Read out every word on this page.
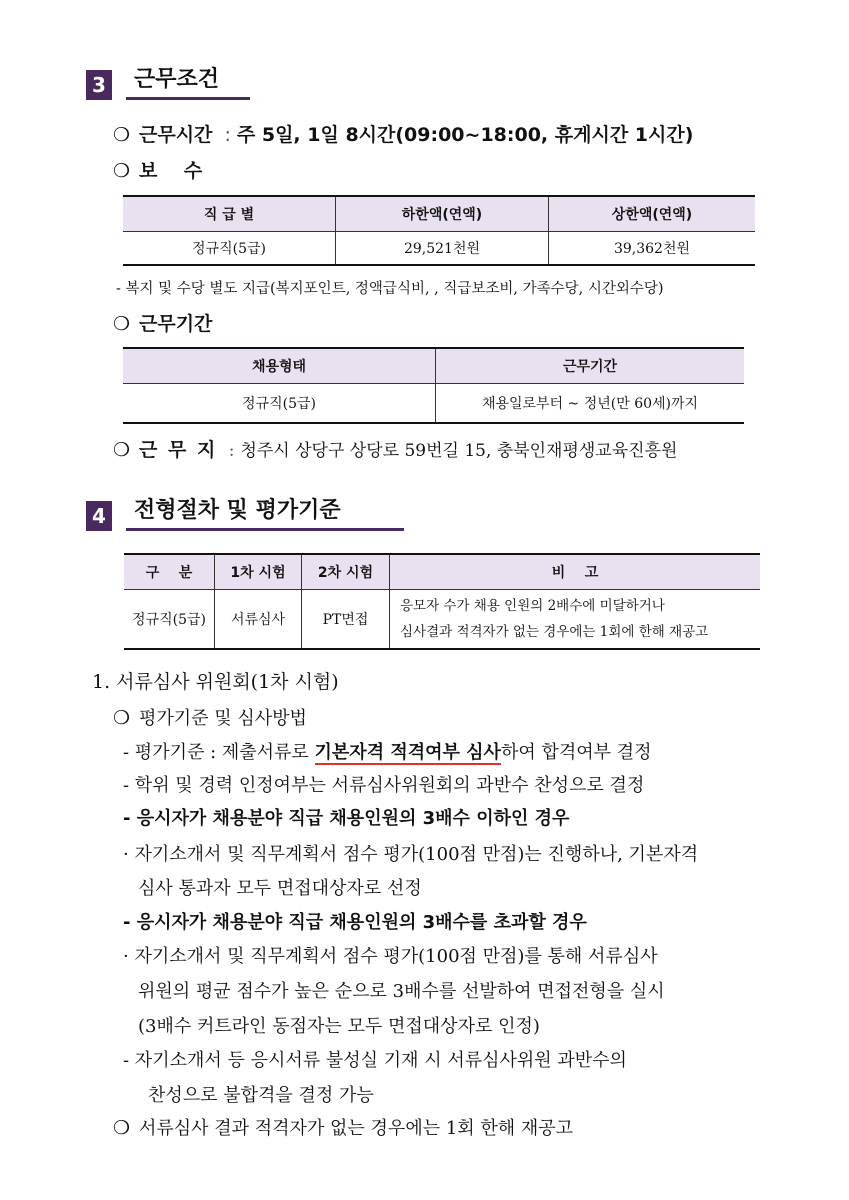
3	근무조건
❍ 근무시간 : 주 5일, 1일 8시간(09:00~18:00, 휴게시간 1시간)
❍ 보    수
직 급 별	하한액(연액)	상한액(연액)
정규직(5급)	29,521천원	39,362천원
- 복지 및 수당 별도 지급(복지포인트, 정액급식비, , 직급보조비, 가족수당, 시간외수당)
❍ 근무기간
채용형태	근무기간
정규직(5급)	채용일로부터 ~ 정년(만 60세)까지
❍ 근 무 지 : 청주시 상당구 상당로 59번길 15, 충북인재평생교육진흥원
4	전형절차 및 평가기준
구    분	1차 시험	2차 시험	비    고
정규직(5급)	서류심사	PT면접	응모자 수가 채용 인원의 2배수에 미달하거나
심사결과 적격자가 없는 경우에는 1회에 한해 재공고
1. 서류심사 위원회(1차 시험)
❍ 평가기준 및 심사방법
- 평가기준 : 제출서류로 기본자격 적격여부 심사하여 합격여부 결정
- 학위 및 경력 인정여부는 서류심사위원회의 과반수 찬성으로 결정
- 응시자가 채용분야 직급 채용인원의 3배수 이하인 경우
· 자기소개서 및 직무계획서 점수 평가(100점 만점)는 진행하나, 기본자격
심사 통과자 모두 면접대상자로 선정
- 응시자가 채용분야 직급 채용인원의 3배수를 초과할 경우
· 자기소개서 및 직무계획서 점수 평가(100점 만점)를 통해 서류심사
위원의 평균 점수가 높은 순으로 3배수를 선발하여 면접전형을 실시
(3배수 커트라인 동점자는 모두 면접대상자로 인정)
- 자기소개서 등 응시서류 불성실 기재 시 서류심사위원 과반수의
찬성으로 불합격을 결정 가능
❍ 서류심사 결과 적격자가 없는 경우에는 1회 한해 재공고
